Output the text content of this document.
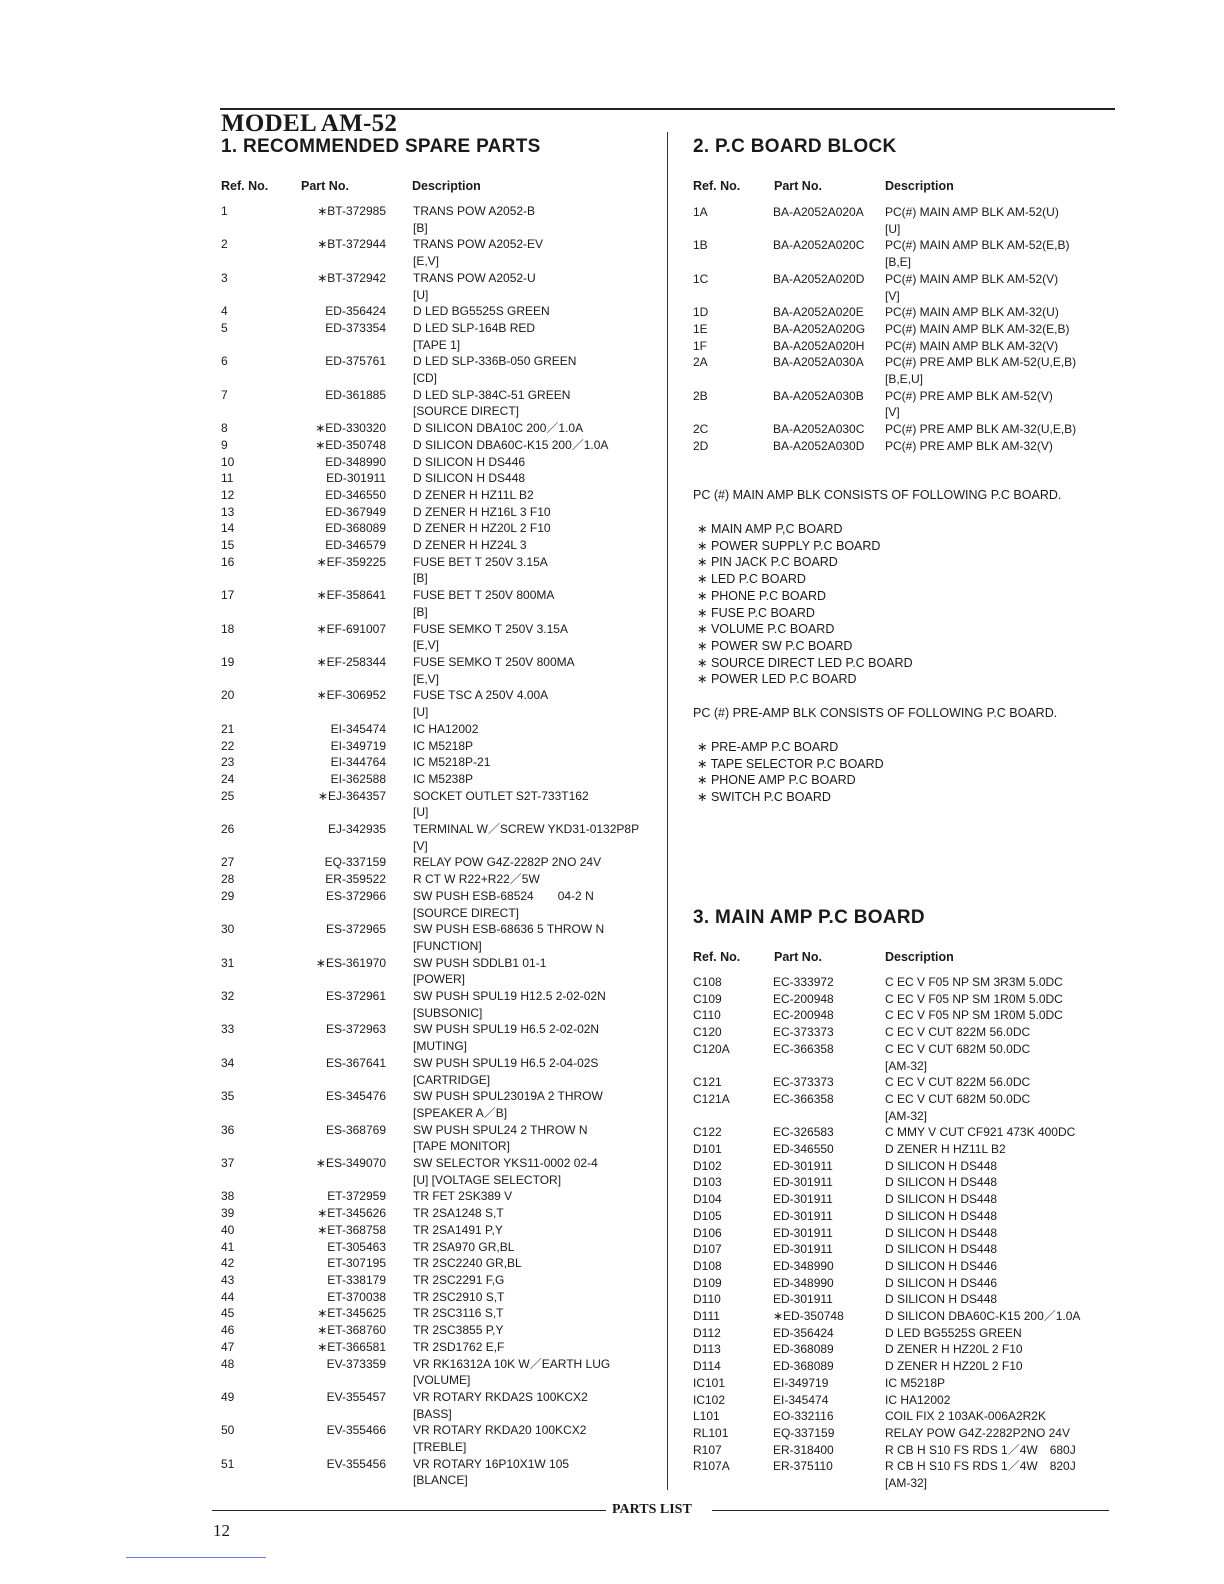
MODEL AM-52
1. RECOMMENDED SPARE PARTS
Ref. No.	Part No.	Description
1	∗BT-372985 TRANS POW A2052-B
[B]
2	∗BT-372944 TRANS POW A2052-EV
[E,V]
3	∗BT-372942 TRANS POW A2052-U
[U]
4	ED-356424 D LED BG5525S GREEN
5	ED-373354 D LED SLP-164B RED
[TAPE 1]
6	ED-375761 D LED SLP-336B-050 GREEN
[CD]
7	ED-361885 D LED SLP-384C-51 GREEN
[SOURCE DIRECT]
8	∗ED-330320 D SILICON DBA10C 200／1.0A
9	∗ED-350748 D SILICON DBA60C-K15 200／1.0A
10	ED-348990 D SILICON H DS446
11	ED-301911 D SILICON H DS448
12	ED-346550 D ZENER H HZ11L B2
13	ED-367949 D ZENER H HZ16L 3 F10
14	ED-368089 D ZENER H HZ20L 2 F10
15	ED-346579 D ZENER H HZ24L 3
16	∗EF-359225 FUSE BET T 250V 3.15A
[B]
17	∗EF-358641 FUSE BET T 250V 800MA
[B]
18	∗EF-691007 FUSE SEMKO T 250V 3.15A
[E,V]
19	∗EF-258344 FUSE SEMKO T 250V 800MA
[E,V]
20	∗EF-306952 FUSE TSC A 250V 4.00A
[U]
21	EI-345474 IC HA12002
22	EI-349719 IC M5218P
23	EI-344764 IC M5218P-21
24	EI-362588 IC M5238P
25	∗EJ-364357 SOCKET OUTLET S2T-733T162
[U]
26	EJ-342935 TERMINAL W／SCREW YKD31-0132P8P
[V]
27	EQ-337159 RELAY POW G4Z-2282P 2NO 24V
28	ER-359522 R CT W R22+R22／5W
29	ES-372966 SW PUSH ESB-68524　　04-2 N
[SOURCE DIRECT]
30	ES-372965 SW PUSH ESB-68636 5 THROW N
[FUNCTION]
31	∗ES-361970 SW PUSH SDDLB1 01-1
[POWER]
32	ES-372961 SW PUSH SPUL19 H12.5 2-02-02N
[SUBSONIC]
33	ES-372963 SW PUSH SPUL19 H6.5 2-02-02N
[MUTING]
34	ES-367641 SW PUSH SPUL19 H6.5 2-04-02S
[CARTRIDGE]
35	ES-345476 SW PUSH SPUL23019A 2 THROW
[SPEAKER A／B]
36	ES-368769 SW PUSH SPUL24 2 THROW N
[TAPE MONITOR]
37	∗ES-349070 SW SELECTOR YKS11-0002 02-4
[U] [VOLTAGE SELECTOR]
38	ET-372959 TR FET 2SK389 V
39	∗ET-345626 TR 2SA1248 S,T
40	∗ET-368758 TR 2SA1491 P,Y
41	ET-305463 TR 2SA970 GR,BL
42	ET-307195 TR 2SC2240 GR,BL
43	ET-338179 TR 2SC2291 F,G
44	ET-370038 TR 2SC2910 S,T
45	∗ET-345625 TR 2SC3116 S,T
46	∗ET-368760 TR 2SC3855 P,Y
47	∗ET-366581 TR 2SD1762 E,F
48	EV-373359 VR RK16312A 10K W／EARTH LUG
[VOLUME]
49	EV-355457 VR ROTARY RKDA2S 100KCX2
[BASS]
50	EV-355466 VR ROTARY RKDA20 100KCX2
[TREBLE]
51	EV-355456 VR ROTARY 16P10X1W 105
[BLANCE]
2. P.C BOARD BLOCK
Ref. No.	Part No.	Description
1A	BA-A2052A020A PC(#) MAIN AMP BLK AM-52(U)
[U]
1B	BA-A2052A020C PC(#) MAIN AMP BLK AM-52(E,B)
[B,E]
1C	BA-A2052A020D PC(#) MAIN AMP BLK AM-52(V)
[V]
1D	BA-A2052A020E PC(#) MAIN AMP BLK AM-32(U)
1E	BA-A2052A020G PC(#) MAIN AMP BLK AM-32(E,B)
1F	BA-A2052A020H PC(#) MAIN AMP BLK AM-32(V)
2A	BA-A2052A030A PC(#) PRE AMP BLK AM-52(U,E,B)
[B,E,U]
2B	BA-A2052A030B PC(#) PRE AMP BLK AM-52(V)
[V]
2C	BA-A2052A030C PC(#) PRE AMP BLK AM-32(U,E,B)
2D	BA-A2052A030D PC(#) PRE AMP BLK AM-32(V)
PC (#) MAIN AMP BLK CONSISTS OF FOLLOWING P.C BOARD.
∗ MAIN AMP P,C BOARD
∗ POWER SUPPLY P.C BOARD
∗ PIN JACK P.C BOARD
∗ LED P.C BOARD
∗ PHONE P.C BOARD
∗ FUSE P.C BOARD
∗ VOLUME P.C BOARD
∗ POWER SW P.C BOARD
∗ SOURCE DIRECT LED P.C BOARD
∗ POWER LED P.C BOARD
PC (#) PRE-AMP BLK CONSISTS OF FOLLOWING P.C BOARD.
∗ PRE-AMP P.C BOARD
∗ TAPE SELECTOR P.C BOARD
∗ PHONE AMP P.C BOARD
∗ SWITCH P.C BOARD
3. MAIN AMP P.C BOARD
Ref. No.	Part No.	Description
C108	EC-333972	C EC V F05 NP SM 3R3M 5.0DC
C109	EC-200948	C EC V F05 NP SM 1R0M 5.0DC
C110	EC-200948	C EC V F05 NP SM 1R0M 5.0DC
C120	EC-373373	C EC V CUT 822M 56.0DC
C120A	EC-366358	C EC V CUT 682M 50.0DC
[AM-32]
C121	EC-373373	C EC V CUT 822M 56.0DC
C121A	EC-366358	C EC V CUT 682M 50.0DC
[AM-32]
C122	EC-326583	C MMY V CUT CF921 473K 400DC
D101	ED-346550	D ZENER H HZ11L B2
D102	ED-301911	D SILICON H DS448
D103	ED-301911	D SILICON H DS448
D104	ED-301911	D SILICON H DS448
D105	ED-301911	D SILICON H DS448
D106	ED-301911	D SILICON H DS448
D107	ED-301911	D SILICON H DS448
D108	ED-348990	D SILICON H DS446
D109	ED-348990	D SILICON H DS446
D110	ED-301911	D SILICON H DS448
D111	∗ED-350748	D SILICON DBA60C-K15 200／1.0A
D112	ED-356424	D LED BG5525S GREEN
D113	ED-368089	D ZENER H HZ20L 2 F10
D114	ED-368089	D ZENER H HZ20L 2 F10
IC101	EI-349719	IC M5218P
IC102	EI-345474	IC HA12002
L101	EO-332116	COIL FIX 2 103AK-006A2R2K
RL101	EQ-337159	RELAY POW G4Z-2282P2NO 24V
R107	ER-318400	R CB H S10 FS RDS 1／4W　680J
R107A	ER-375110	R CB H S10 FS RDS 1／4W　820J
[AM-32]
PARTS LIST
12
